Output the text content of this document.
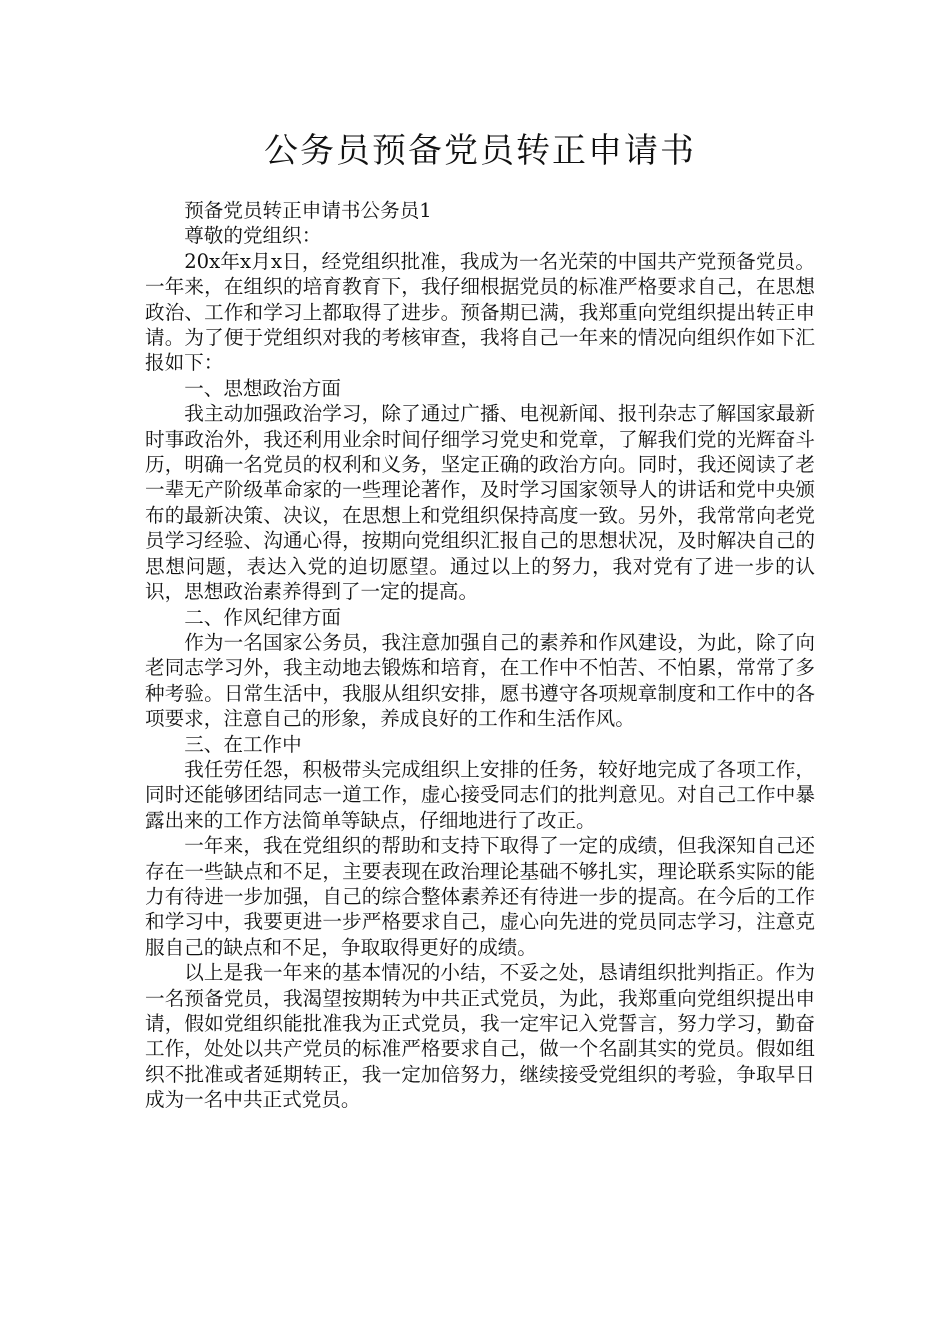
公务员预备党员转正申请书

预备党员转正申请书公务员1

尊敬的党组织：

20x年x月x日，经党组织批准，我成为一名光荣的中国共产党预备党员。一年来，在组织的培育教育下，我仔细根据党员的标准严格要求自己，在思想政治、工作和学习上都取得了进步。预备期已满，我郑重向党组织提出转正申请。为了便于党组织对我的考核审查，我将自己一年来的情况向组织作如下汇报如下：

一、思想政治方面

我主动加强政治学习，除了通过广播、电视新闻、报刊杂志了解国家最新时事政治外，我还利用业余时间仔细学习党史和党章，了解我们党的光辉奋斗历，明确一名党员的权利和义务，坚定正确的政治方向。同时，我还阅读了老一辈无产阶级革命家的一些理论著作，及时学习国家领导人的讲话和党中央颁布的最新决策、决议，在思想上和党组织保持高度一致。另外，我常常向老党员学习经验、沟通心得，按期向党组织汇报自己的思想状况，及时解决自己的思想问题，表达入党的迫切愿望。通过以上的努力，我对党有了进一步的认识，思想政治素养得到了一定的提高。

二、作风纪律方面

作为一名国家公务员，我注意加强自己的素养和作风建设，为此，除了向老同志学习外，我主动地去锻炼和培育，在工作中不怕苦、不怕累，常常了多种考验。日常生活中，我服从组织安排，愿书遵守各项规章制度和工作中的各项要求，注意自己的形象，养成良好的工作和生活作风。

三、在工作中

我任劳任怨，积极带头完成组织上安排的任务，较好地完成了各项工作，同时还能够团结同志一道工作，虚心接受同志们的批判意见。对自己工作中暴露出来的工作方法简单等缺点，仔细地进行了改正。

一年来，我在党组织的帮助和支持下取得了一定的成绩，但我深知自己还存在一些缺点和不足，主要表现在政治理论基础不够扎实，理论联系实际的能力有待进一步加强，自己的综合整体素养还有待进一步的提高。在今后的工作和学习中，我要更进一步严格要求自己，虚心向先进的党员同志学习，注意克服自己的缺点和不足，争取取得更好的成绩。

以上是我一年来的基本情况的小结，不妥之处，恳请组织批判指正。作为一名预备党员，我渴望按期转为中共正式党员，为此，我郑重向党组织提出申请，假如党组织能批准我为正式党员，我一定牢记入党誓言，努力学习，勤奋工作，处处以共产党员的标准严格要求自己，做一个名副其实的党员。假如组织不批准或者延期转正，我一定加倍努力，继续接受党组织的考验，争取早日成为一名中共正式党员。
